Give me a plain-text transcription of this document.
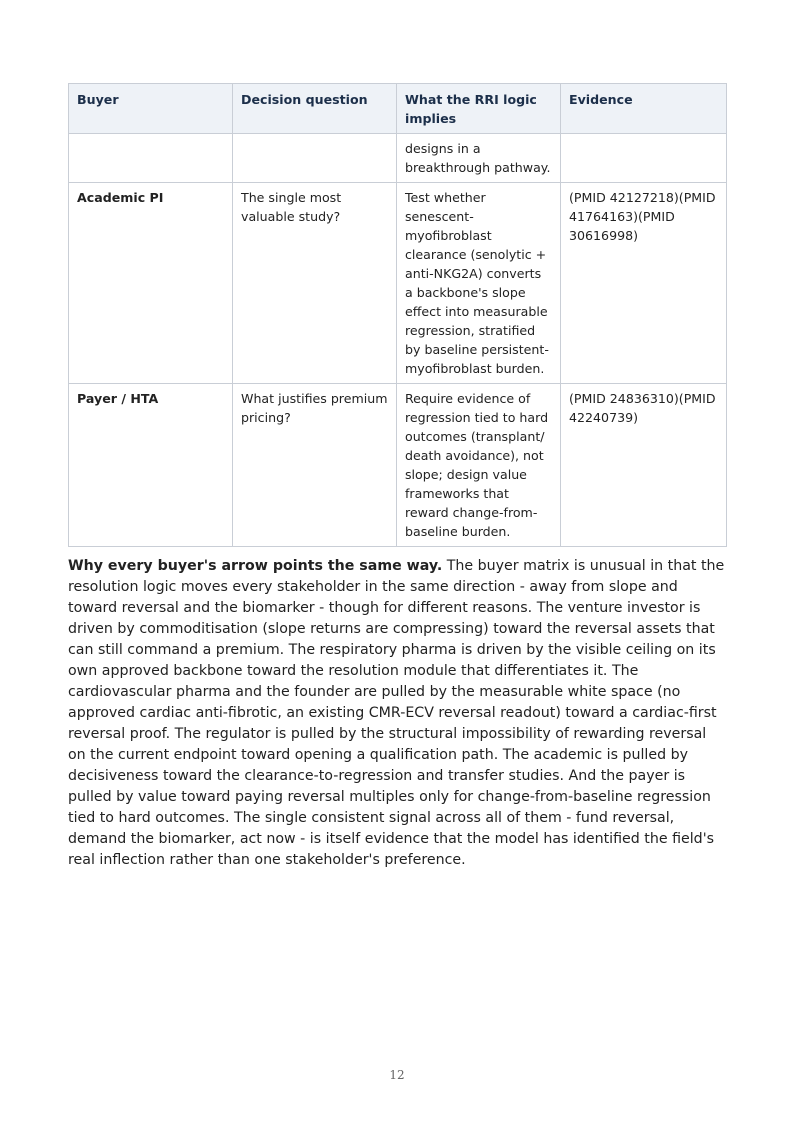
Buyer	Decision question	What the RRI logic implies	Evidence
		designs in a breakthrough pathway.	
Academic PI	The single most valuable study?	Test whether senescent-myofibroblast clearance (senolytic + anti-NKG2A) converts a backbone's slope effect into measurable regression, stratified by baseline persistent-myofibroblast burden.	(PMID 42127218)(PMID 41764163)(PMID 30616998)
Payer / HTA	What justifies premium pricing?	Require evidence of regression tied to hard outcomes (transplant/ death avoidance), not slope; design value frameworks that reward change-from-baseline burden.	(PMID 24836310)(PMID 42240739)

Why every buyer's arrow points the same way. The buyer matrix is unusual in that the resolution logic moves every stakeholder in the same direction - away from slope and toward reversal and the biomarker - though for different reasons. The venture investor is driven by commoditisation (slope returns are compressing) toward the reversal assets that can still command a premium. The respiratory pharma is driven by the visible ceiling on its own approved backbone toward the resolution module that differentiates it. The cardiovascular pharma and the founder are pulled by the measurable white space (no approved cardiac anti-fibrotic, an existing CMR-ECV reversal readout) toward a cardiac-first reversal proof. The regulator is pulled by the structural impossibility of rewarding reversal on the current endpoint toward opening a qualification path. The academic is pulled by decisiveness toward the clearance-to-regression and transfer studies. And the payer is pulled by value toward paying reversal multiples only for change-from-baseline regression tied to hard outcomes. The single consistent signal across all of them - fund reversal, demand the biomarker, act now - is itself evidence that the model has identified the field's real inflection rather than one stakeholder's preference.

12
